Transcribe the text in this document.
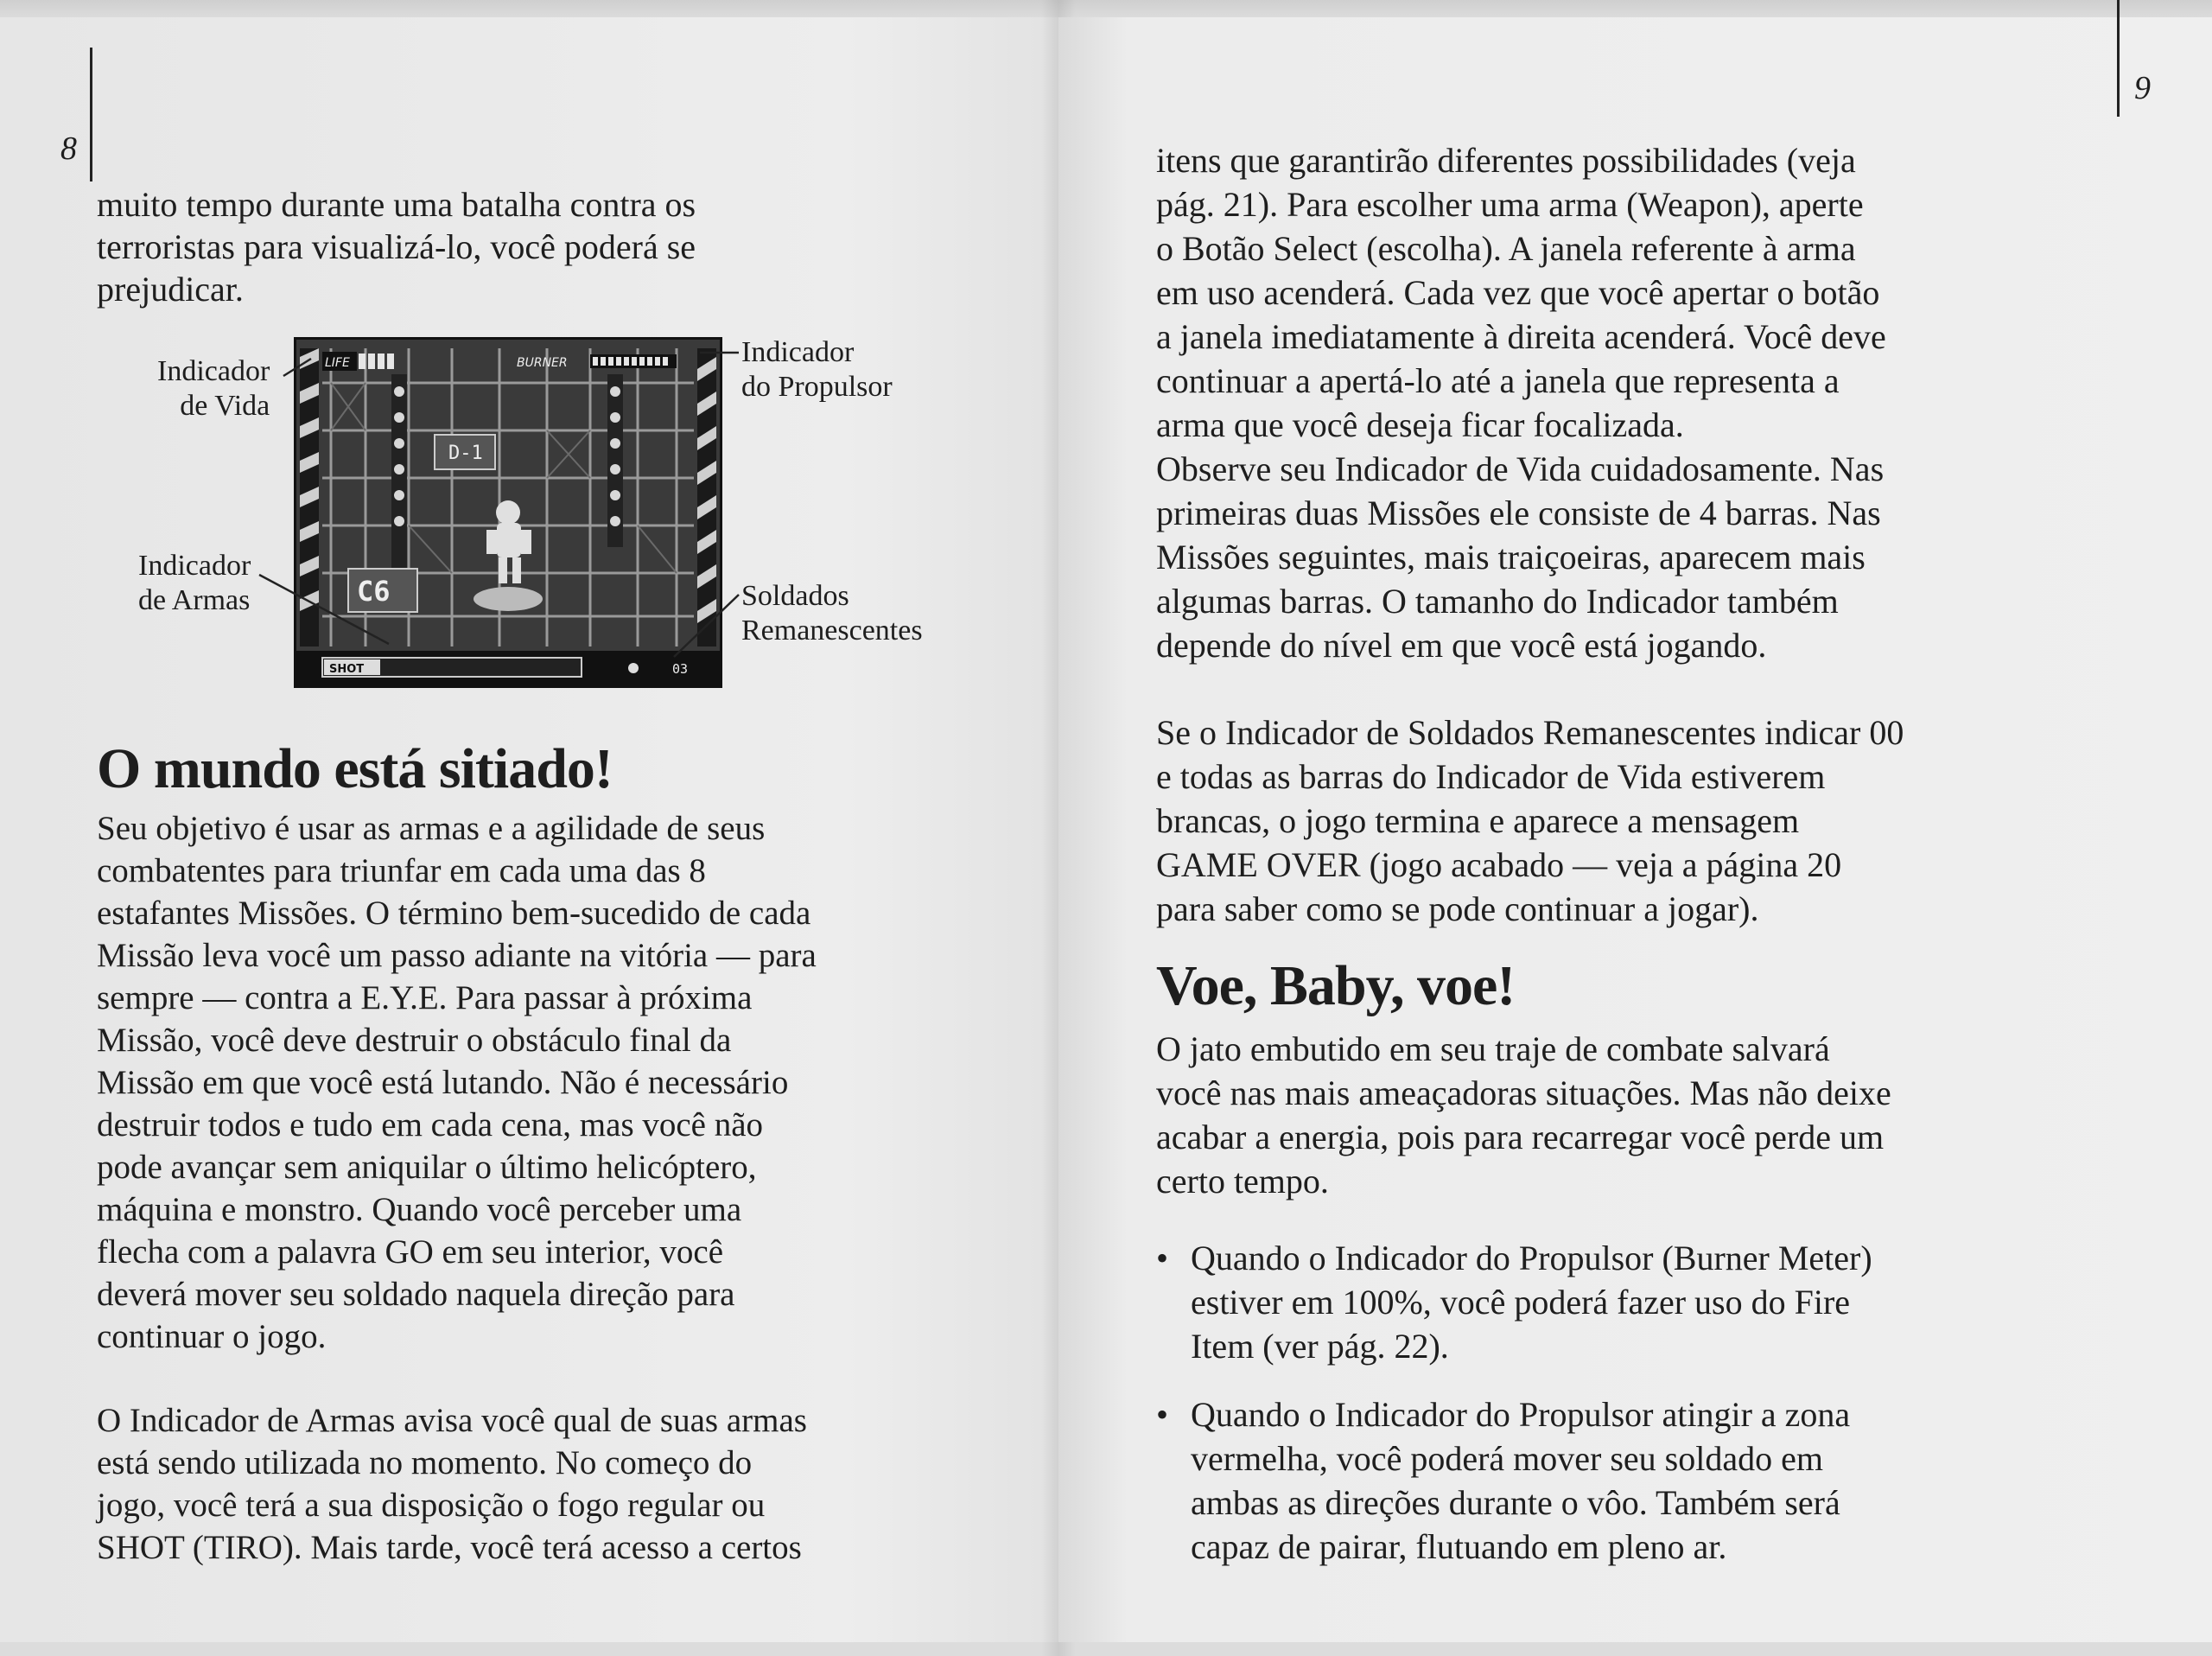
8

muito tempo durante uma batalha contra os

terroristas para visualizá-lo, você poderá se

prejudicar.

Indicador
de Vida
Indicador
de Armas
Indicador
do Propulsor
Soldados
Remanescentes
LIFE	BURNER
D-1
C6
SHOT	03
O mundo está sitiado!

Seu objetivo é usar as armas e a agilidade de seus

combatentes para triunfar em cada uma das 8

estafantes Missões. O término bem-sucedido de cada

Missão leva você um passo adiante na vitória — para

sempre — contra a E.Y.E. Para passar à próxima

Missão, você deve destruir o obstáculo final da

Missão em que você está lutando. Não é necessário

destruir todos e tudo em cada cena, mas você não

pode avançar sem aniquilar o último helicóptero,

máquina e monstro. Quando você perceber uma

flecha com a palavra GO em seu interior, você

deverá mover seu soldado naquela direção para

continuar o jogo.

O Indicador de Armas avisa você qual de suas armas

está sendo utilizada no momento. No começo do

jogo, você terá a sua disposição o fogo regular ou

SHOT (TIRO). Mais tarde, você terá acesso a certos

9

itens que garantirão diferentes possibilidades (veja

pág. 21). Para escolher uma arma (Weapon), aperte

o Botão Select (escolha). A janela referente à arma

em uso acenderá. Cada vez que você apertar o botão

a janela imediatamente à direita acenderá. Você deve

continuar a apertá-lo até a janela que representa a

arma que você deseja ficar focalizada.

Observe seu Indicador de Vida cuidadosamente. Nas

primeiras duas Missões ele consiste de 4 barras. Nas

Missões seguintes, mais traiçoeiras, aparecem mais

algumas barras. O tamanho do Indicador também

depende do nível em que você está jogando.

Se o Indicador de Soldados Remanescentes indicar 00

e todas as barras do Indicador de Vida estiverem

brancas, o jogo termina e aparece a mensagem

GAME OVER (jogo acabado — veja a página 20

para saber como se pode continuar a jogar).

Voe, Baby, voe!

O jato embutido em seu traje de combate salvará

você nas mais ameaçadoras situações. Mas não deixe

acabar a energia, pois para recarregar você perde um

certo tempo.

• Quando o Indicador do Propulsor (Burner Meter)

estiver em 100%, você poderá fazer uso do Fire

Item (ver pág. 22).

• Quando o Indicador do Propulsor atingir a zona

vermelha, você poderá mover seu soldado em

ambas as direções durante o vôo. Também será

capaz de pairar, flutuando em pleno ar.
